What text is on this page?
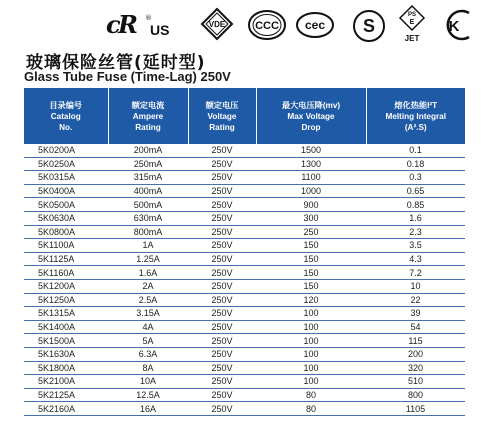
c
R ®
US	VDE	CCC cec S
PS
E
JET
K
玻璃保险丝管(延时型)
Glass Tube Fuse (Time-Lag) 250V
目录编号
Catalog
No.	额定电流
Ampere
Rating	额定电压
Voltage
Rating	最大电压降(mv)
Max Voltage
Drop	熔化热能I²T
Melting Integral
(A².S)

5K0200A	200mA	250V	1500	0.1
5K0250A	250mA	250V	1300	0.18
5K0315A	315mA	250V	1100	0.3
5K0400A	400mA	250V	1000	0.65
5K0500A	500mA	250V	900	0.85
5K0630A	630mA	250V	300	1.6
5K0800A	800mA	250V	250	2.3
5K1100A	1A	250V	150	3.5
5K1125A	1.25A	250V	150	4.3
5K1160A	1.6A	250V	150	7.2
5K1200A	2A	250V	150	10
5K1250A	2.5A	250V	120	22
5K1315A	3.15A	250V	100	39
5K1400A	4A	250V	100	54
5K1500A	5A	250V	100	115
5K1630A	6.3A	250V	100	200
5K1800A	8A	250V	100	320
5K2100A	10A	250V	100	510
5K2125A	12.5A	250V	80	800
5K2160A	16A	250V	80	1105
